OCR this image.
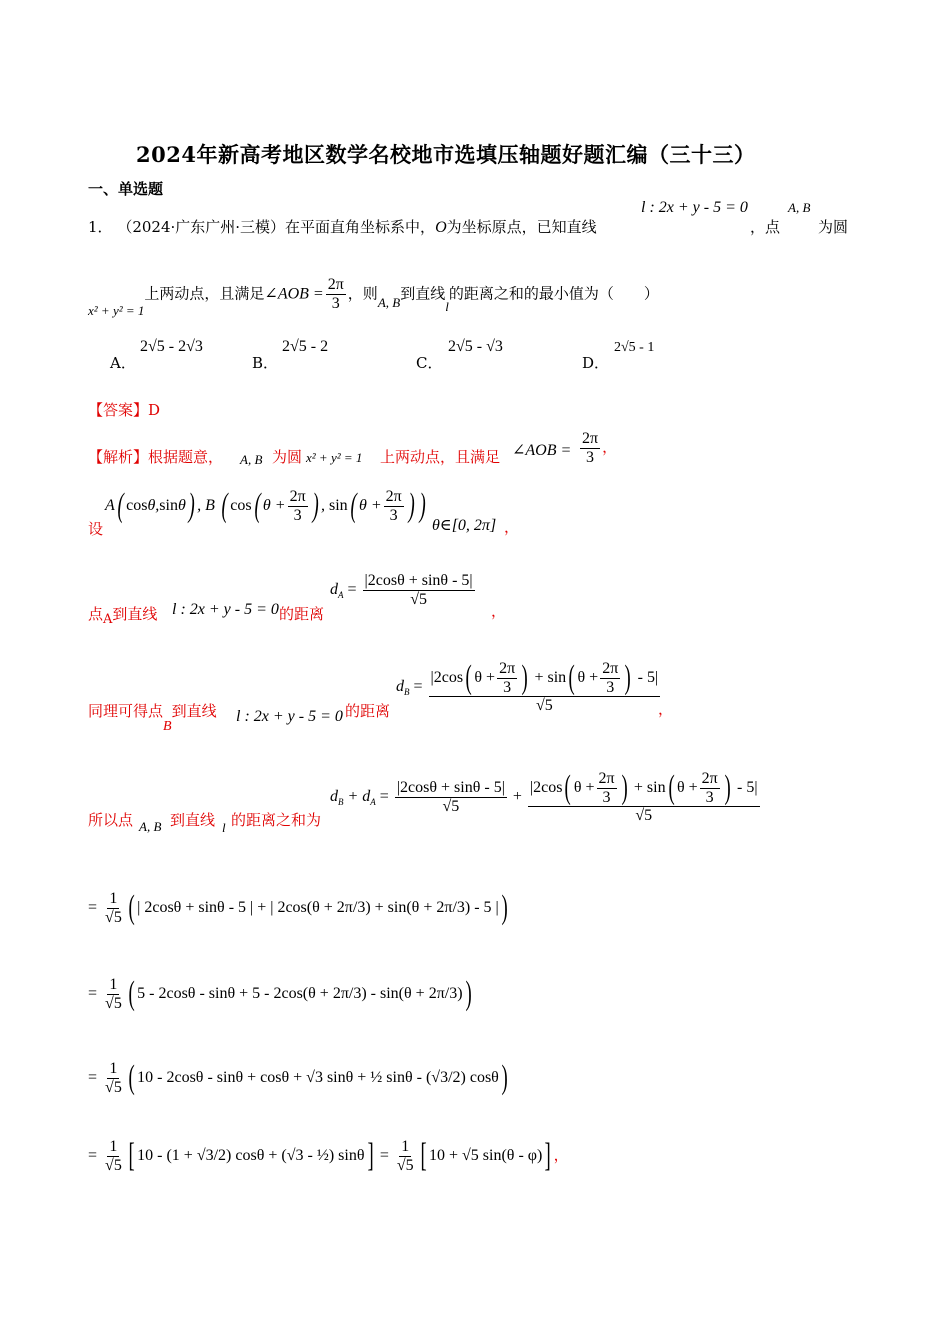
2024年新高考地区数学名校地市选填压轴题好题汇编（三十三）
一、单选题
1． （2024·广东广州·三模）在平面直角坐标系中，O为坐标原点，已知直线
l : 2x + y - 5 = 0
，点
A, B
为圆
$_{x^2 + y^2 = 1}$上两动点，且满足∠AOB = $\frac{2\pi}{3}$ ，则$_{A, B}$到直线$_l$的距离之和的最小值为（　　）
A．
2√5 - 2√3
B．
2√5 - 2
C．
2√5 - √3
D．
2√5 - 1
【答案】D
【解析】根据题意， A, B 为圆 x² + y² = 1 上两动点，且满足 ∠AOB = $\frac{2\pi}{3}$ ，
设
A( cosθ,sinθ) , B ( cos( $\theta + \frac{2\pi}{3}$ ) , sin( $\theta + \frac{2\pi}{3}$ ) )
θ∈[0, 2π] ，
点A到直线 l : 2x + y - 5 = 0 的距离
$d_A = \frac{|2\cos\theta + \sin\theta - 5|}{√5}$
，
同理可得点B到直线 l : 2x + y - 5 = 0 的距离
$d_B = \frac{|2\cos( \theta + \frac{2\pi}{3} ) + \sin( \theta + \frac{2\pi}{3} ) - 5|}{√5}$
，
所以点 A, B 到直线 l 的距离之和为
$d_B + d_A = \frac{|2\cos\theta + \sin\theta - 5|}{√5} + \frac{|2\cos( \theta + \frac{2\pi}{3} ) + \sin( \theta + \frac{2\pi}{3} ) - 5|}{√5}$
= $\frac{1}{√5}$ ( | 2cosθ + sinθ - 5 | + | 2cos(θ + 2π/3) + sin(θ + 2π/3) - 5 |)
= $\frac{1}{√5}$ ( 5 - 2cosθ - sinθ + 5 - 2cos(θ + 2π/3) - sin(θ + 2π/3))
= $\frac{1}{√5}$ ( 10 - 2cosθ - sinθ + cosθ + √3 sinθ + ½ sinθ - (√3/2) cosθ)
= $\frac{1}{√5}$ [ 10 - (1 + √3/2) cosθ + (√3 - ½) $\sin\theta] = \frac{1}{√5}$ [ 10 + √5 sin(θ - φ)] ，
